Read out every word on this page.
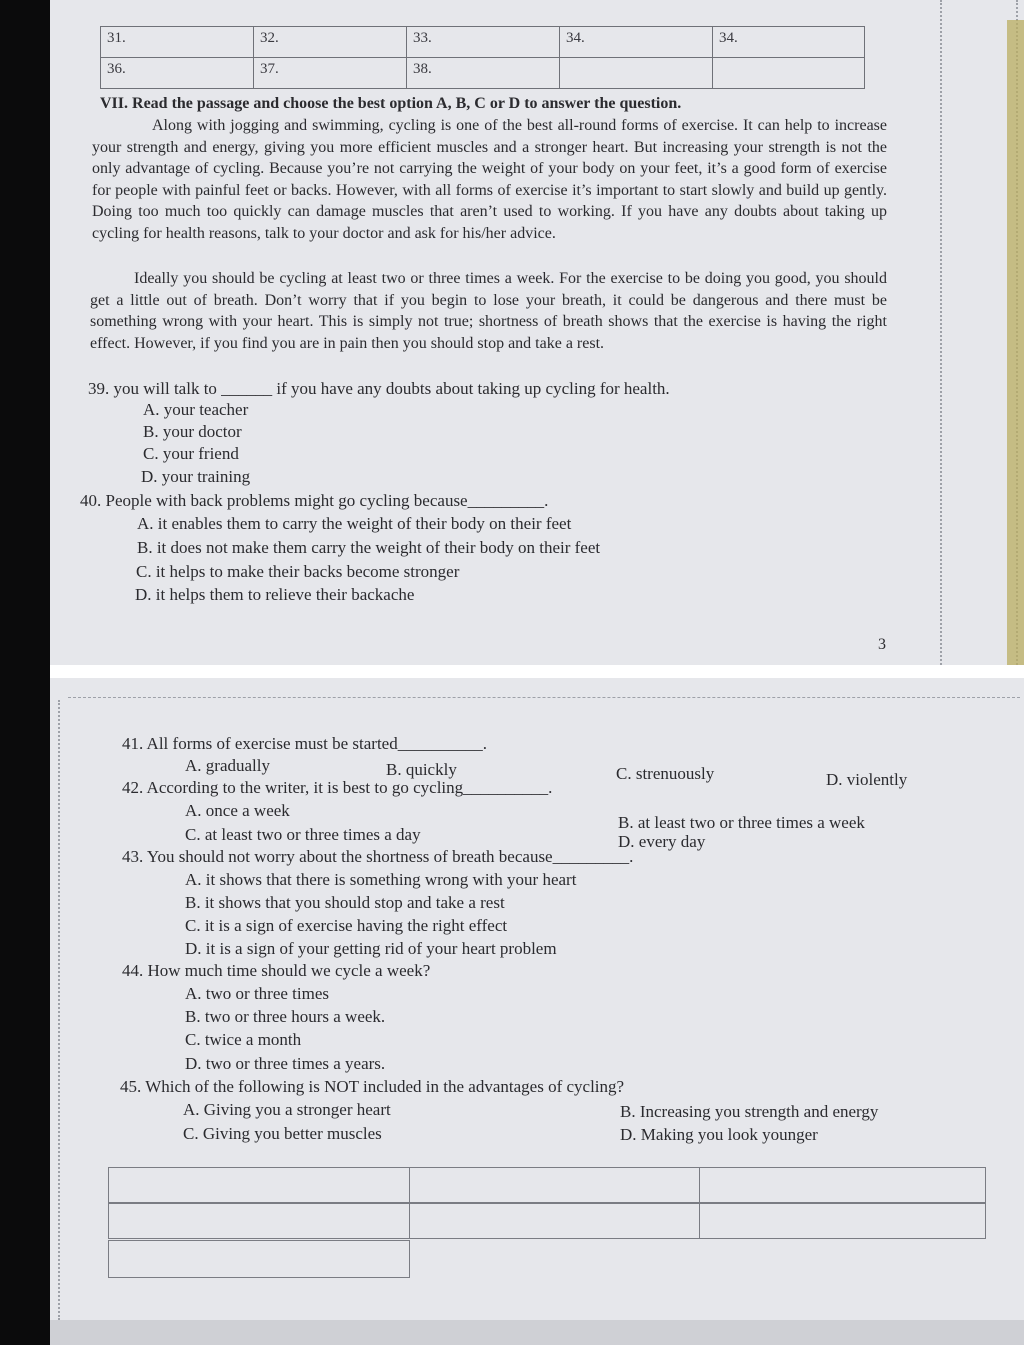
31.	32.	33.	34.	34.
36.	37.	38.		
VII. Read the passage and choose the best option A, B, C or D to answer the question.
Along with jogging and swimming, cycling is one of the best all-round forms of exercise. It can help to increase your strength and energy, giving you more efficient muscles and a stronger heart. But increasing your strength is not the only advantage of cycling. Because you’re not carrying the weight of your body on your feet, it’s a good form of exercise for people with painful feet or backs. However, with all forms of exercise it’s important to start slowly and build up gently. Doing too much too quickly can damage muscles that aren’t used to working. If you have any doubts about taking up cycling for health reasons, talk to your doctor and ask for his/her advice.
Ideally you should be cycling at least two or three times a week. For the exercise to be doing you good, you should get a little out of breath. Don’t worry that if you begin to lose your breath, it could be dangerous and there must be something wrong with your heart. This is simply not true; shortness of breath shows that the exercise is having the right effect. However, if you find you are in pain then you should stop and take a rest.
39. you will talk to ______ if you have any doubts about taking up cycling for health.
A. your teacher
B. your doctor
C. your friend
D. your training
40. People with back problems might go cycling because_________.
A. it enables them to carry the weight of their body on their feet
B. it does not make them carry the weight of their body on their feet
C. it helps to make their backs become stronger
D. it helps them to relieve their backache
3
41. All forms of exercise must be started__________.
A. gradually	B. quickly	C. strenuously	D. violently
42. According to the writer, it is best to go cycling__________.
A. once a week
B. at least two or three times a week
C. at least two or three times a day	D. every day
43. You should not worry about the shortness of breath because_________.
A. it shows that there is something wrong with your heart
B. it shows that you should stop and take a rest
C. it is a sign of exercise having the right effect
D. it is a sign of your getting rid of your heart problem
44. How much time should we cycle a week?
A. two or three times
B. two or three hours a week.
C. twice a month
D. two or three times a years.
45. Which of the following is NOT included in the advantages of cycling?
A. Giving you a stronger heart	B. Increasing you strength and energy
C. Giving you better muscles	D. Making you look younger
